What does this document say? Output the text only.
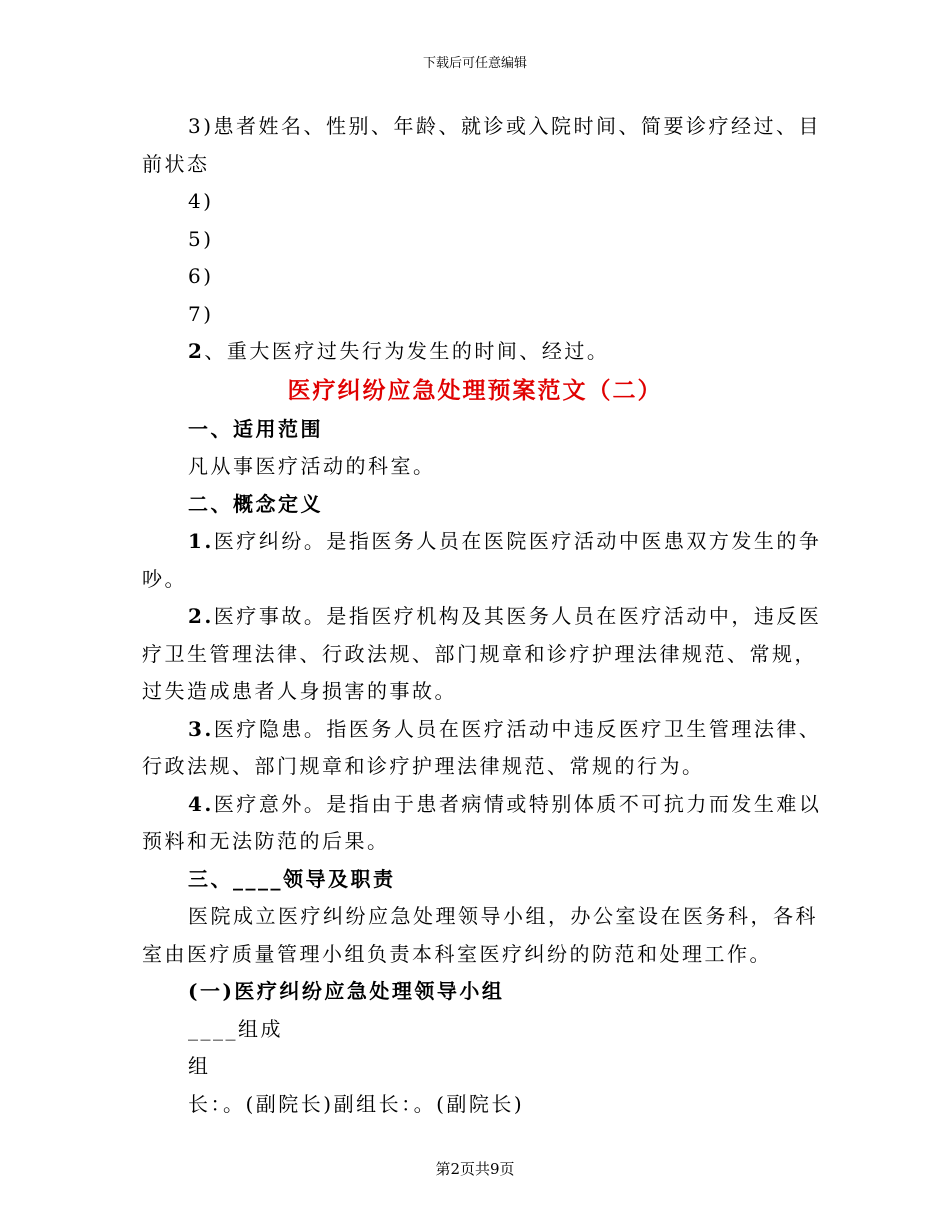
下载后可任意编辑
3)患者姓名、性别、年龄、就诊或入院时间、简要诊疗经过、目
前状态
4)
5)
6)
7)
2、重大医疗过失行为发生的时间、经过。
医疗纠纷应急处理预案范文（二）
一、适用范围
凡从事医疗活动的科室。
二、概念定义
1.医疗纠纷。是指医务人员在医院医疗活动中医患双方发生的争
吵。
2.医疗事故。是指医疗机构及其医务人员在医疗活动中，违反医
疗卫生管理法律、行政法规、部门规章和诊疗护理法律规范、常规，
过失造成患者人身损害的事故。
3.医疗隐患。指医务人员在医疗活动中违反医疗卫生管理法律、
行政法规、部门规章和诊疗护理法律规范、常规的行为。
4.医疗意外。是指由于患者病情或特别体质不可抗力而发生难以
预料和无法防范的后果。
三、____领导及职责
医院成立医疗纠纷应急处理领导小组，办公室设在医务科，各科
室由医疗质量管理小组负责本科室医疗纠纷的防范和处理工作。
(一)医疗纠纷应急处理领导小组
____组成
组
长：。(副院长)副组长：。(副院长)
第2页共9页
